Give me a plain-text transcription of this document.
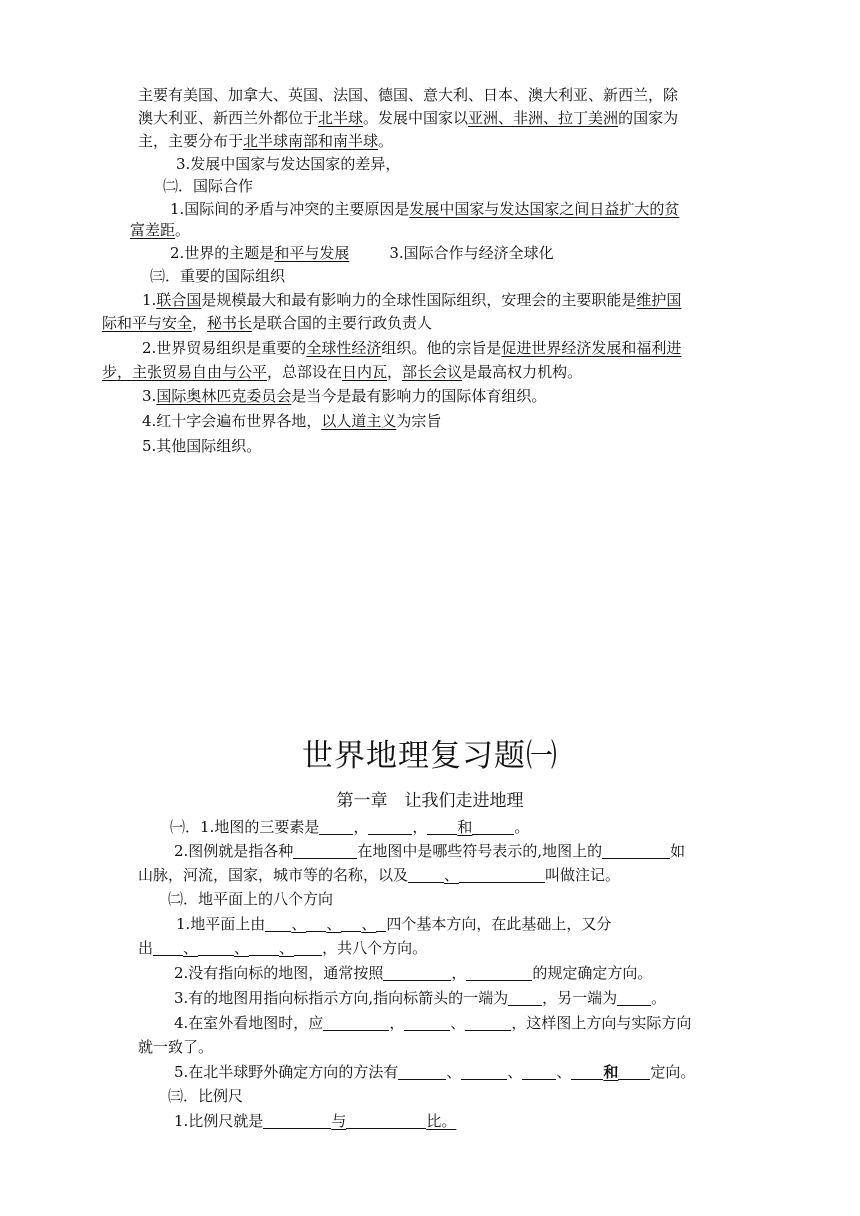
主要有美国、加拿大、英国、法国、德国、意大利、日本、澳大利亚、新西兰，除
澳大利亚、新西兰外都位于北半球。发展中国家以亚洲、非洲、拉丁美洲的国家为
主，主要分布于北半球南部和南半球。
3.发展中国家与发达国家的差异，
㈡．国际合作
1.国际间的矛盾与冲突的主要原因是发展中国家与发达国家之间日益扩大的贫
富差距。
2.世界的主题是和平与发展	3.国际合作与经济全球化
㈢．重要的国际组织
1.联合国是规模最大和最有影响力的全球性国际组织，安理会的主要职能是维护国
际和平与安全，秘书长是联合国的主要行政负责人
2.世界贸易组织是重要的全球性经济组织。他的宗旨是促进世界经济发展和福利进
步，主张贸易自由与公平，总部设在日内瓦，部长会议是最高权力机构。
3.国际奥林匹克委员会是当今是最有影响力的国际体育组织。
4.红十字会遍布世界各地，以人道主义为宗旨
5.其他国际组织。
世界地理复习题㈠
第一章　让我们走进地理
㈠．1.地图的三要素是 ，	， 和	。
2.图例就是指各种	在地图中是哪些符号表示的,地图上的	如
山脉，河流，国家，城市等的名称，以及 、	叫做注记。
㈡．地平面上的八个方向
1.地平面上由 、 、 、 四个基本方向，在此基础上，又分
出 、 、 、 ，共八个方向。
2.没有指向标的地图，通常按照	，	的规定确定方向。
3.有的地图用指向标指示方向,指向标箭头的一端为 ，另一端为 。
4.在室外看地图时，应	，	、	，这样图上方向与实际方向
就一致了。
5.在北半球野外确定方向的方法有	、	、 、 和 定向。
㈢．比例尺
1.比例尺就是	与	比。
